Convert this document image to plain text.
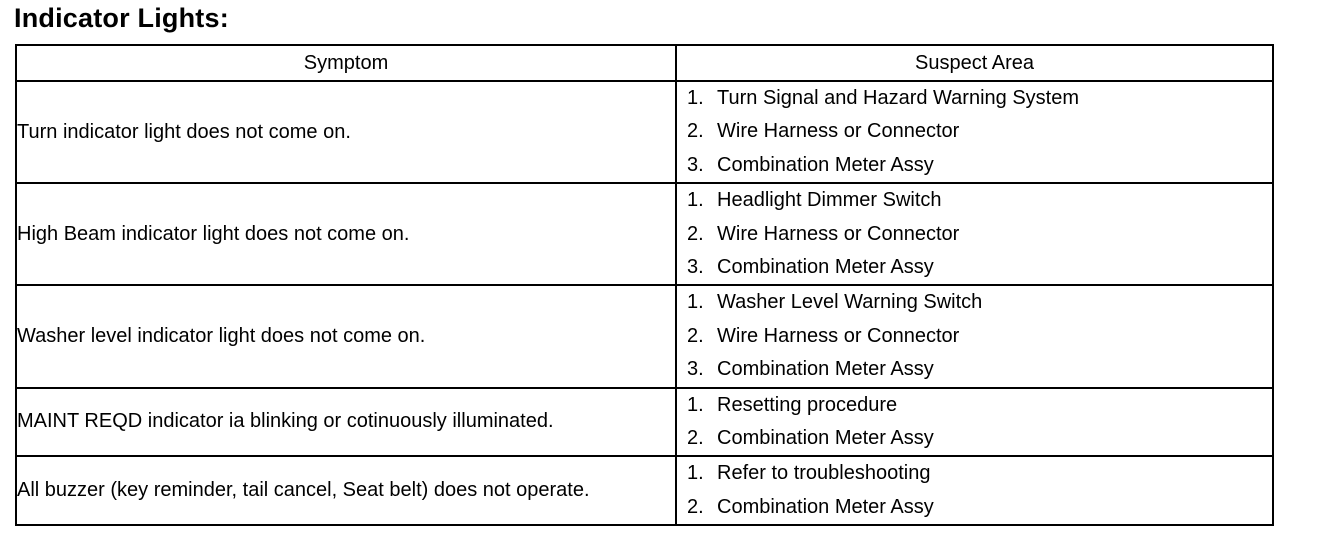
Indicator Lights:
Symptom	Suspect Area
Turn indicator light does not come on.	1. Turn Signal and Hazard Warning System
2. Wire Harness or Connector
3. Combination Meter Assy

High Beam indicator light does not come on.	1. Headlight Dimmer Switch
2. Wire Harness or Connector
3. Combination Meter Assy

Washer level indicator light does not come on.	1. Washer Level Warning Switch
2. Wire Harness or Connector
3. Combination Meter Assy

MAINT REQD indicator ia blinking or cotinuously illuminated.	1. Resetting procedure
2. Combination Meter Assy

All buzzer (key reminder, tail cancel, Seat belt) does not operate.	1. Refer to troubleshooting
2. Combination Meter Assy
